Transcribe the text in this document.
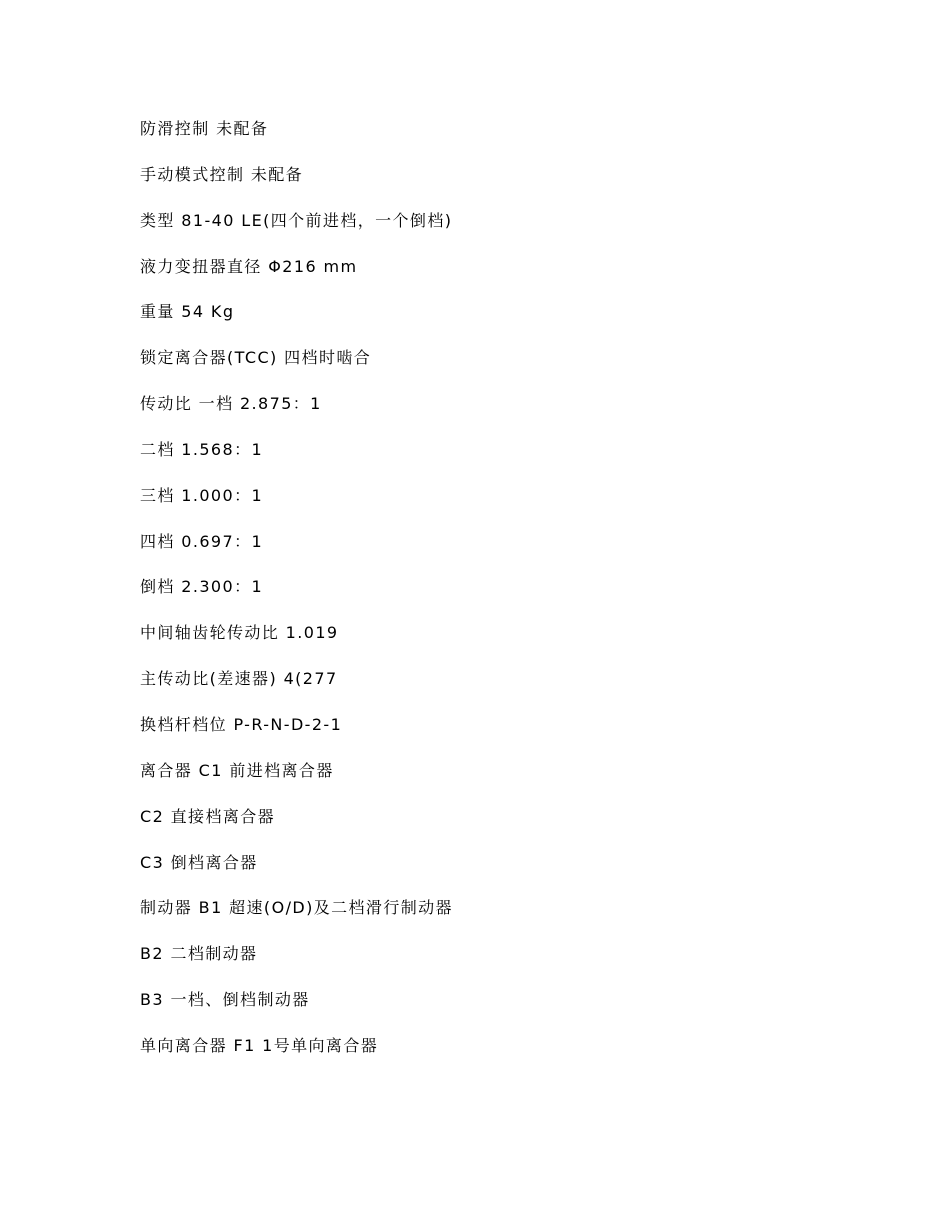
防滑控制 未配备
手动模式控制 未配备
类型 81-40 LE(四个前进档，一个倒档)
液力变扭器直径 Φ216 mm
重量 54 Kg
锁定离合器(TCC) 四档时啮合
传动比 一档 2.875：1
二档 1.568：1
三档 1.000：1
四档 0.697：1
倒档 2.300：1
中间轴齿轮传动比 1.019
主传动比(差速器) 4(277
换档杆档位 P-R-N-D-2-1
离合器 C1 前进档离合器
C2 直接档离合器
C3 倒档离合器
制动器 B1 超速(O/D)及二档滑行制动器
B2 二档制动器
B3 一档、倒档制动器
单向离合器 F1 1号单向离合器
